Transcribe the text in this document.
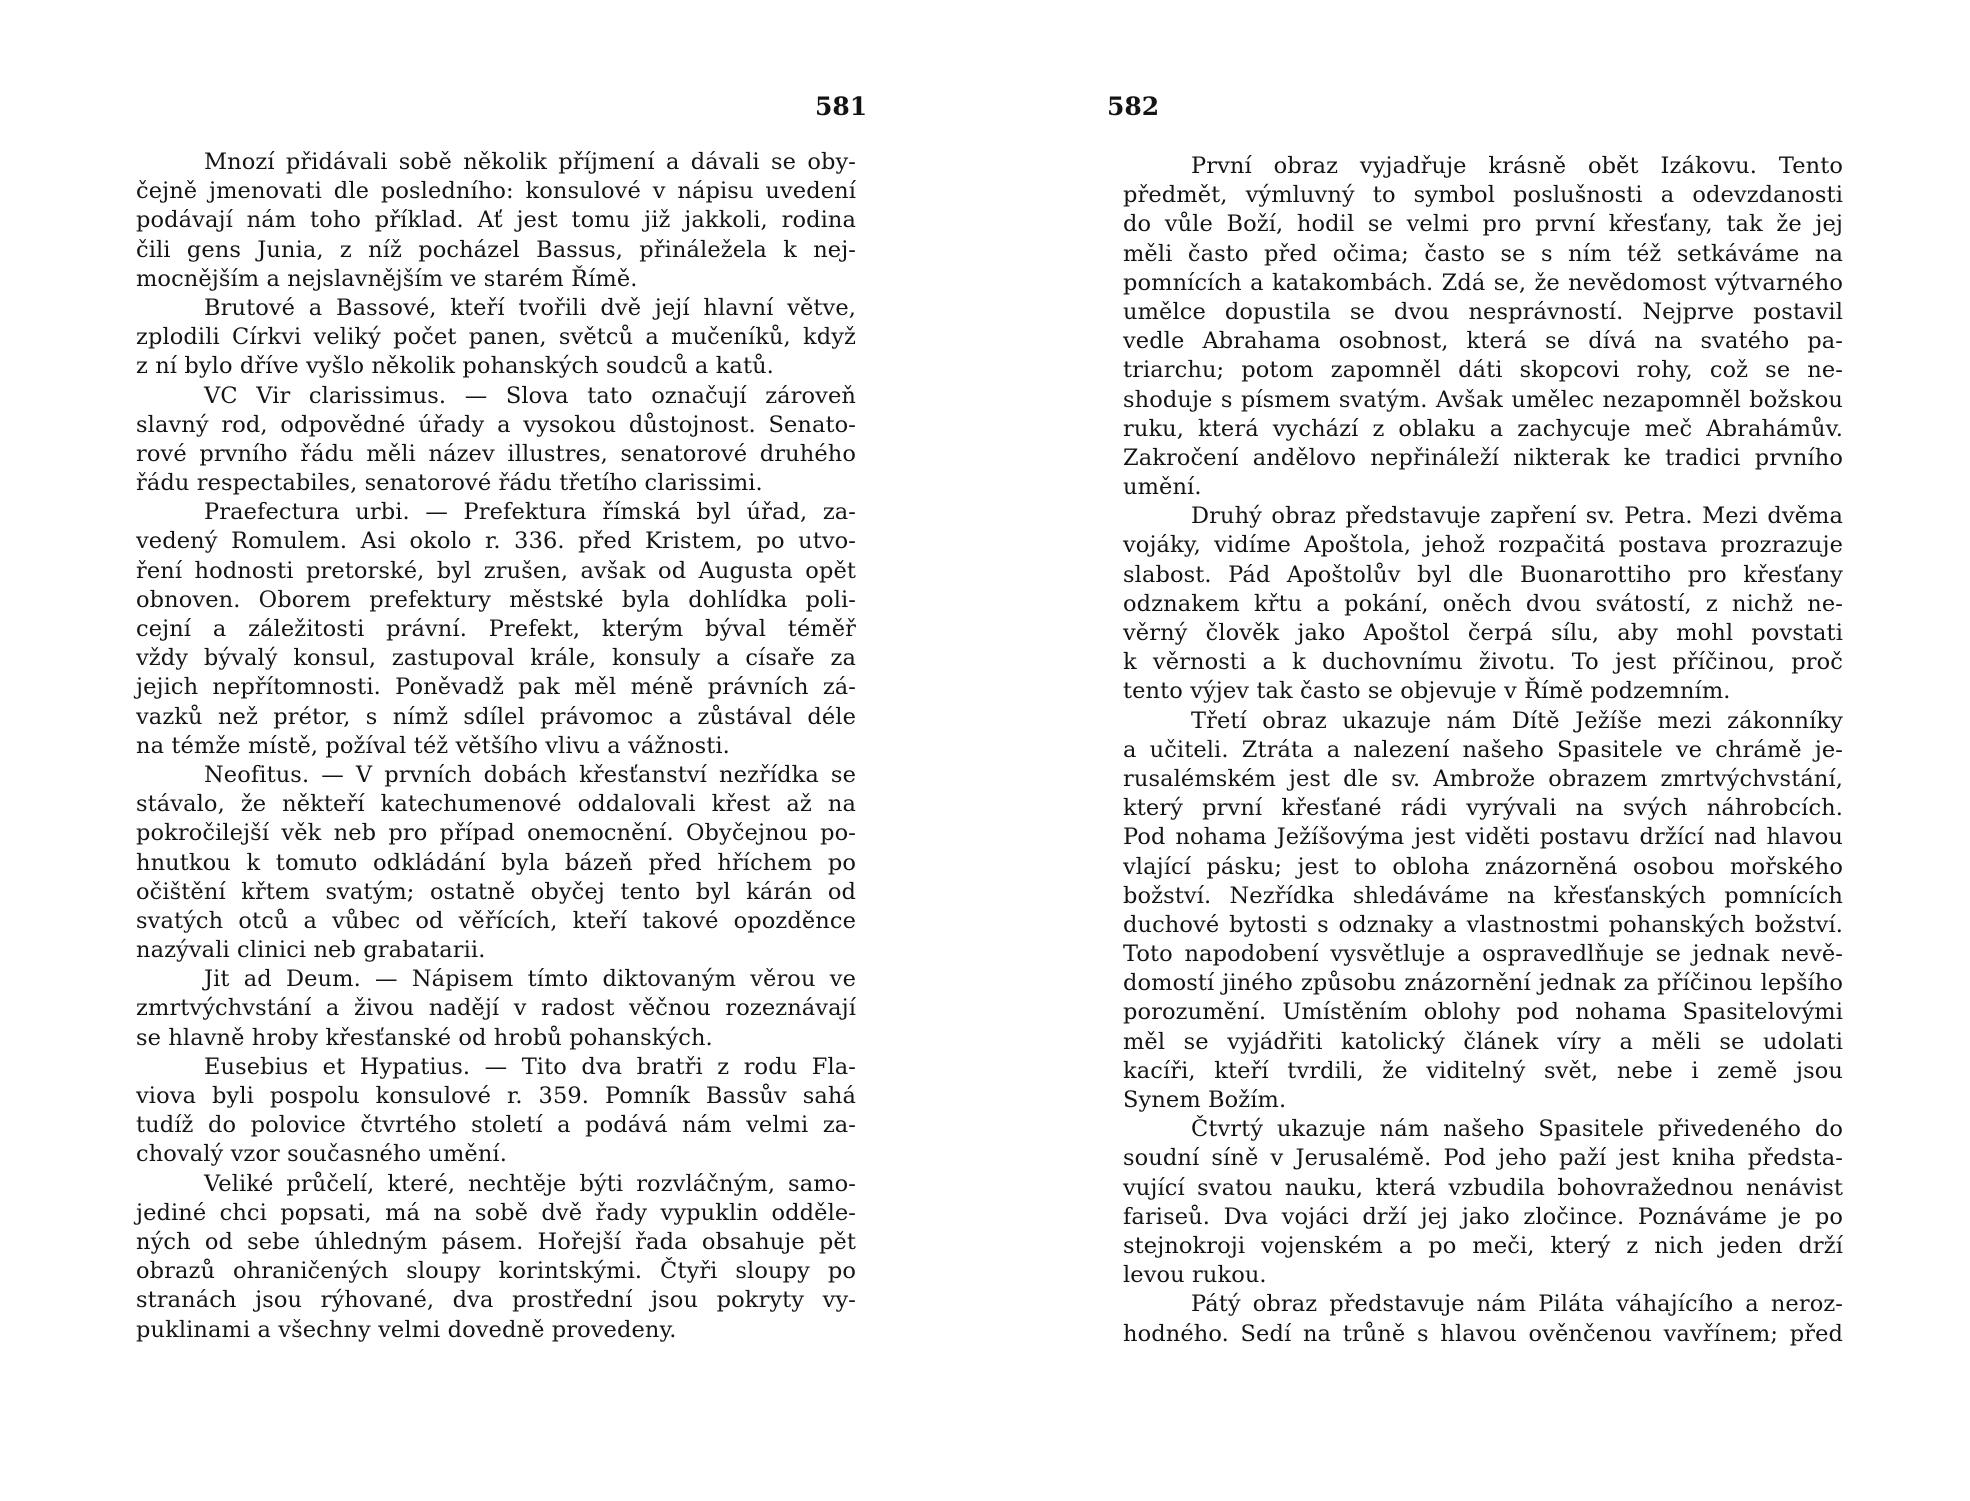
581
Mnozí přidávali sobě několik příjmení a dávali se oby-
čejně jmenovati dle posledního: konsulové v nápisu uvedení
podávají nám toho příklad. Ať jest tomu již jakkoli, rodina
čili gens Junia, z níž pocházel Bassus, přináležela k nej-
mocnějším a nejslavnějším ve starém Římě.
Brutové a Bassové, kteří tvořili dvě její hlavní větve,
zplodili Církvi veliký počet panen, světců a mučeníků, když
z ní bylo dříve vyšlo několik pohanských soudců a katů.
VC Vir clarissimus. — Slova tato označují zároveň
slavný rod, odpovědné úřady a vysokou důstojnost. Senato-
rové prvního řádu měli název illustres, senatorové druhého
řádu respectabiles, senatorové řádu třetího clarissimi.
Praefectura urbi. — Prefektura římská byl úřad, za-
vedený Romulem. Asi okolo r. 336. před Kristem, po utvo-
ření hodnosti pretorské, byl zrušen, avšak od Augusta opět
obnoven. Oborem prefektury městské byla dohlídka poli-
cejní a záležitosti právní. Prefekt, kterým býval téměř
vždy bývalý konsul, zastupoval krále, konsuly a císaře za
jejich nepřítomnosti. Poněvadž pak měl méně právních zá-
vazků než prétor, s nímž sdílel právomoc a zůstával déle
na témže místě, požíval též většího vlivu a vážnosti.
Neofitus. — V prvních dobách křesťanství nezřídka se
stávalo, že někteří katechumenové oddalovali křest až na
pokročilejší věk neb pro případ onemocnění. Obyčejnou po-
hnutkou k tomuto odkládání byla bázeň před hříchem po
očištění křtem svatým; ostatně obyčej tento byl kárán od
svatých otců a vůbec od věřících, kteří takové opozděnce
nazývali clinici neb grabatarii.
Jit ad Deum. — Nápisem tímto diktovaným věrou ve
zmrtvýchvstání a živou nadějí v radost věčnou rozeznávají
se hlavně hroby křesťanské od hrobů pohanských.
Eusebius et Hypatius. — Tito dva bratři z rodu Fla-
viova byli pospolu konsulové r. 359. Pomník Bassův sahá
tudíž do polovice čtvrtého století a podává nám velmi za-
chovalý vzor současného umění.
Veliké průčelí, které, nechtěje býti rozvláčným, samo-
jediné chci popsati, má na sobě dvě řady vypuklin odděle-
ných od sebe úhledným pásem. Hořejší řada obsahuje pět
obrazů ohraničených sloupy korintskými. Čtyři sloupy po
stranách jsou rýhované, dva prostřední jsou pokryty vy-
puklinami a všechny velmi dovedně provedeny.
582
První obraz vyjadřuje krásně obět Izákovu. Tento
předmět, výmluvný to symbol poslušnosti a odevzdanosti
do vůle Boží, hodil se velmi pro první křesťany, tak že jej
měli často před očima; často se s ním též setkáváme na
pomnících a katakombách. Zdá se, že nevědomost výtvarného
umělce dopustila se dvou nesprávností. Nejprve postavil
vedle Abrahama osobnost, která se dívá na svatého pa-
triarchu; potom zapomněl dáti skopcovi rohy, což se ne-
shoduje s písmem svatým. Avšak umělec nezapomněl božskou
ruku, která vychází z oblaku a zachycuje meč Abrahámův.
Zakročení andělovo nepřináleží nikterak ke tradici prvního
umění.
Druhý obraz představuje zapření sv. Petra. Mezi dvěma
vojáky, vidíme Apoštola, jehož rozpačitá postava prozrazuje
slabost. Pád Apoštolův byl dle Buonarottiho pro křesťany
odznakem křtu a pokání, oněch dvou svátostí, z nichž ne-
věrný člověk jako Apoštol čerpá sílu, aby mohl povstati
k věrnosti a k duchovnímu životu. To jest příčinou, proč
tento výjev tak často se objevuje v Římě podzemním.
Třetí obraz ukazuje nám Dítě Ježíše mezi zákonníky
a učiteli. Ztráta a nalezení našeho Spasitele ve chrámě je-
rusalémském jest dle sv. Ambrože obrazem zmrtvýchvstání,
který první křesťané rádi vyrývali na svých náhrobcích.
Pod nohama Ježíšovýma jest viděti postavu držící nad hlavou
vlající pásku; jest to obloha znázorněná osobou mořského
božství. Nezřídka shledáváme na křesťanských pomnících
duchové bytosti s odznaky a vlastnostmi pohanských božství.
Toto napodobení vysvětluje a ospravedlňuje se jednak nevě-
domostí jiného způsobu znázornění jednak za příčinou lepšího
porozumění. Umístěním oblohy pod nohama Spasitelovými
měl se vyjádřiti katolický článek víry a měli se udolati
kacíři, kteří tvrdili, že viditelný svět, nebe i země jsou
Synem Božím.
Čtvrtý ukazuje nám našeho Spasitele přivedeného do
soudní síně v Jerusalémě. Pod jeho paží jest kniha předsta-
vující svatou nauku, která vzbudila bohovražednou nenávist
fariseů. Dva vojáci drží jej jako zločince. Poznáváme je po
stejnokroji vojenském a po meči, který z nich jeden drží
levou rukou.
Pátý obraz představuje nám Piláta váhajícího a neroz-
hodného. Sedí na trůně s hlavou ověnčenou vavřínem; před
